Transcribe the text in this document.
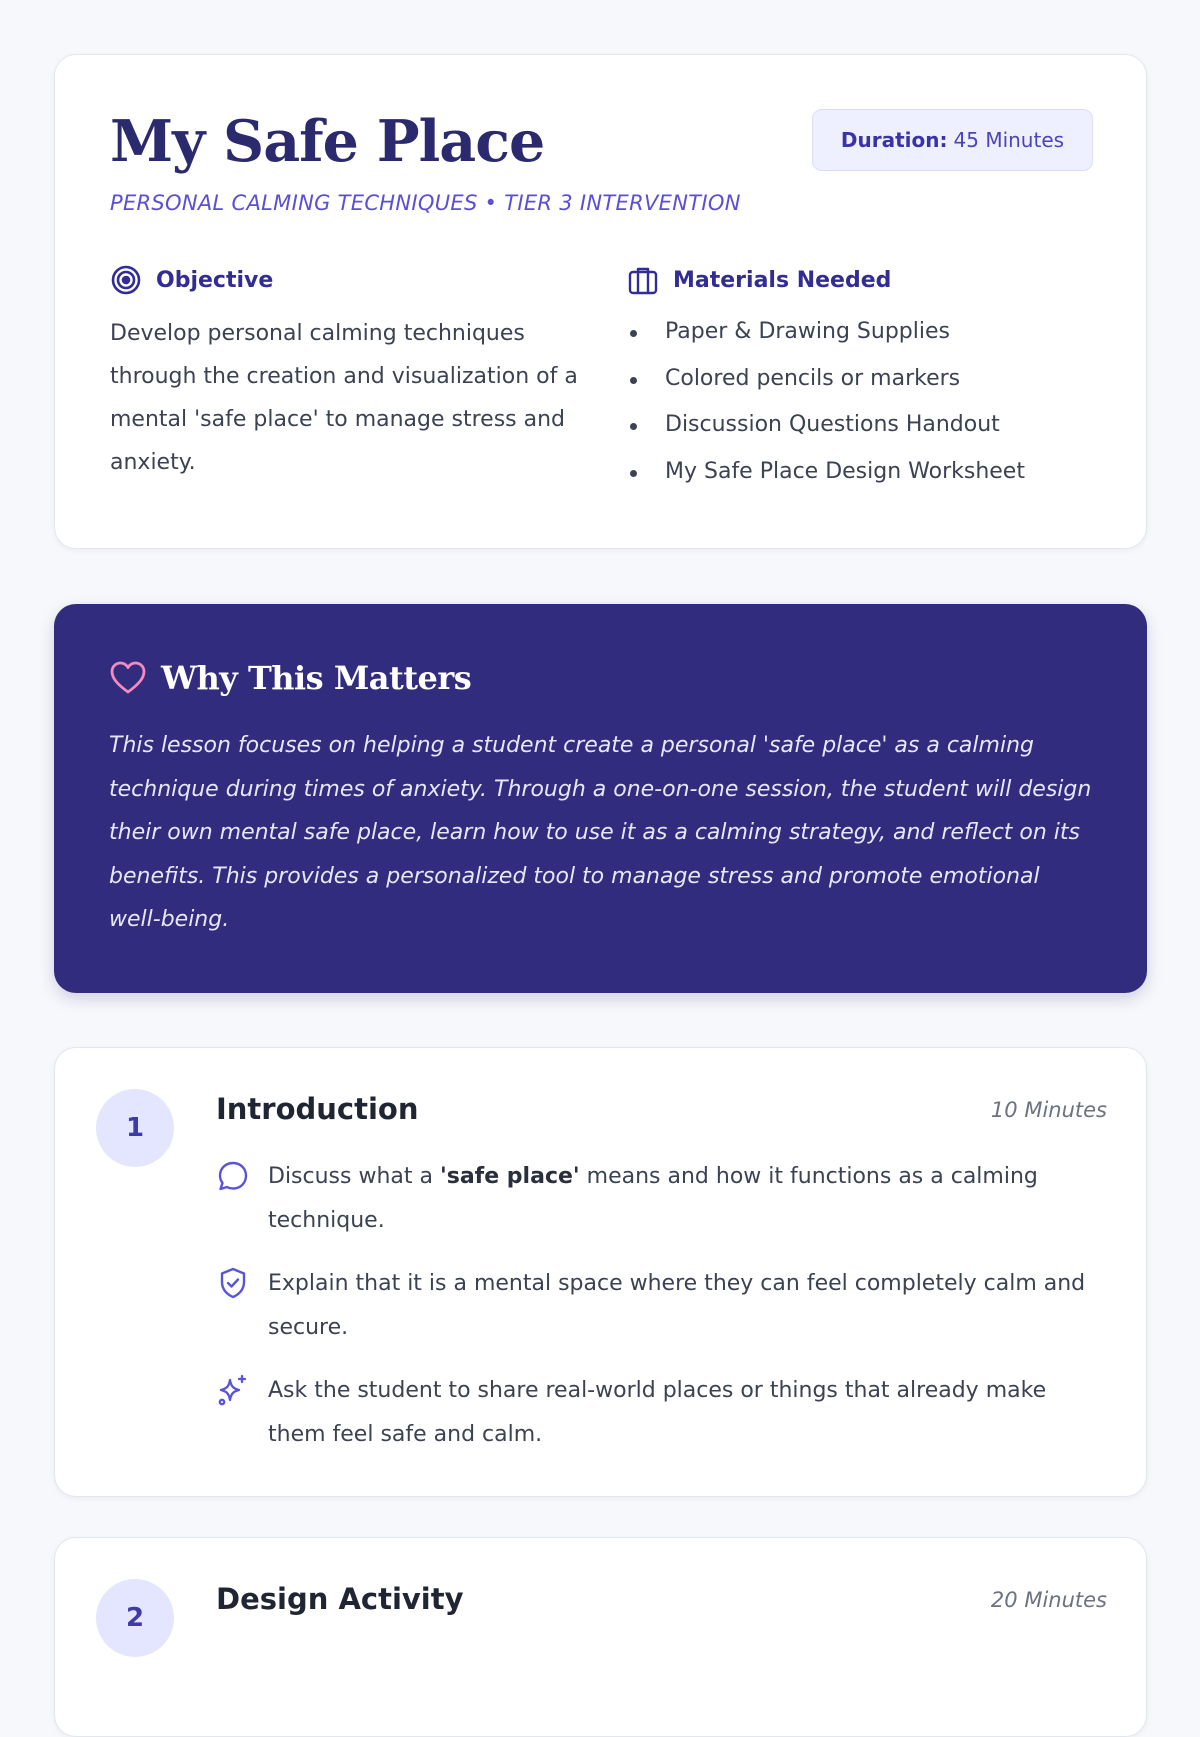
My Safe Place
PERSONAL CALMING TECHNIQUES • TIER 3 INTERVENTION
Duration: 45 Minutes
Objective

Develop personal calming techniques through the creation and visualization of a mental 'safe place' to manage stress and anxiety.

Materials Needed
Paper & Drawing Supplies
Colored pencils or markers
Discussion Questions Handout
My Safe Place Design Worksheet
Why This Matters

This lesson focuses on helping a student create a personal 'safe place' as a calming technique during times of anxiety. Through a one-on-one session, the student will design their own mental safe place, learn how to use it as a calming strategy, and reflect on its benefits. This provides a personalized tool to manage stress and promote emotional well-being.

1
Introduction	10 Minutes

Discuss what a 'safe place' means and how it functions as a calming technique.

Explain that it is a mental space where they can feel completely calm and secure.

Ask the student to share real-world places or things that already make them feel safe and calm.

2
Design Activity	20 Minutes
